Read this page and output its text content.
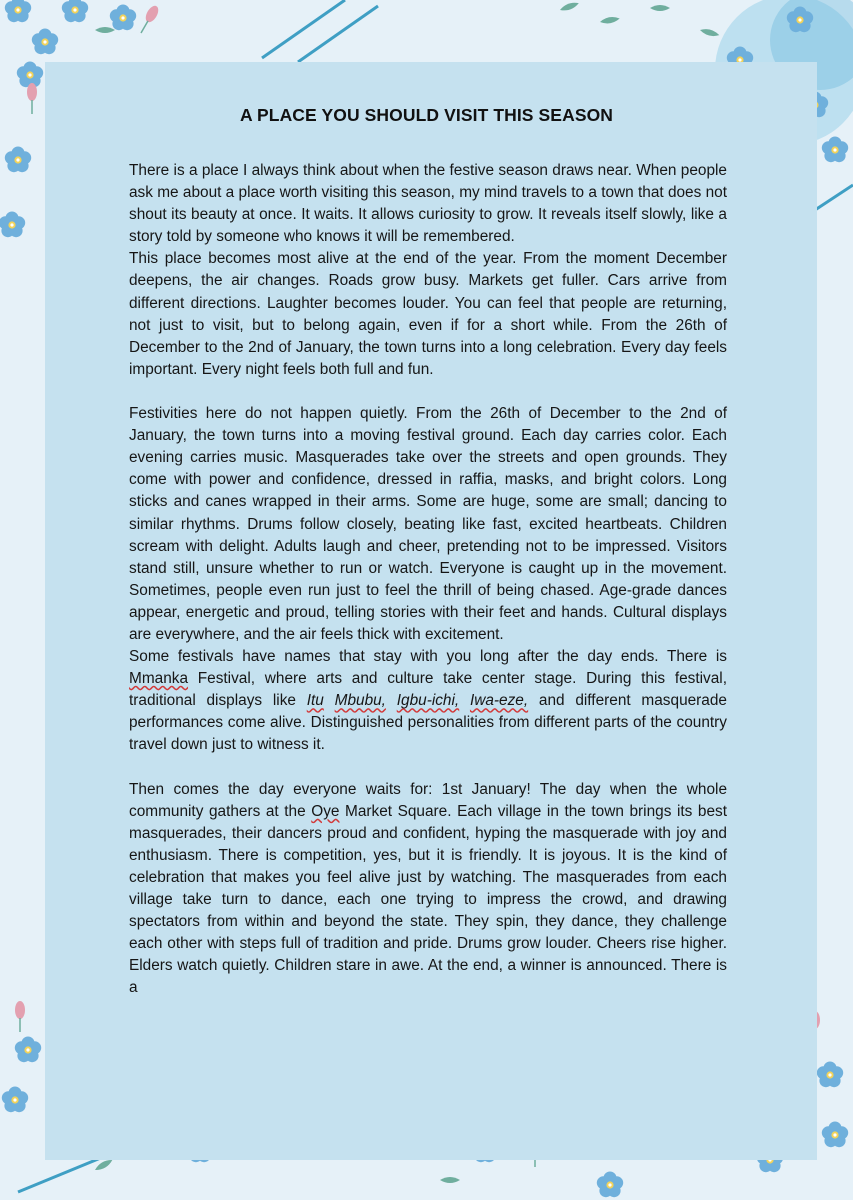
A PLACE YOU SHOULD VISIT THIS SEASON

There is a place I always think about when the festive season draws near. When people ask me about a place worth visiting this season, my mind travels to a town that does not shout its beauty at once. It waits. It allows curiosity to grow. It reveals itself slowly, like a story told by someone who knows it will be remembered.

This place becomes most alive at the end of the year. From the moment December deepens, the air changes. Roads grow busy. Markets get fuller. Cars arrive from different directions. Laughter becomes louder. You can feel that people are returning, not just to visit, but to belong again, even if for a short while. From the 26th of December to the 2nd of January, the town turns into a long celebration. Every day feels important. Every night feels both full and fun.

Festivities here do not happen quietly. From the 26th of December to the 2nd of January, the town turns into a moving festival ground. Each day carries color. Each evening carries music. Masquerades take over the streets and open grounds. They come with power and confidence, dressed in raffia, masks, and bright colors. Long sticks and canes wrapped in their arms. Some are huge, some are small; dancing to similar rhythms. Drums follow closely, beating like fast, excited heartbeats. Children scream with delight. Adults laugh and cheer, pretending not to be impressed. Visitors stand still, unsure whether to run or watch. Everyone is caught up in the movement. Sometimes, people even run just to feel the thrill of being chased. Age-grade dances appear, energetic and proud, telling stories with their feet and hands. Cultural displays are everywhere, and the air feels thick with excitement.

Some festivals have names that stay with you long after the day ends. There is Mmanka Festival, where arts and culture take center stage. During this festival, traditional displays like Itu Mbubu, Igbu-ichi, Iwa-eze, and different masquerade performances come alive. Distinguished personalities from different parts of the country travel down just to witness it.

Then comes the day everyone waits for: 1st January! The day when the whole community gathers at the Oye Market Square. Each village in the town brings its best masquerades, their dancers proud and confident, hyping the masquerade with joy and enthusiasm. There is competition, yes, but it is friendly. It is joyous. It is the kind of celebration that makes you feel alive just by watching. The masquerades from each village take turn to dance, each one trying to impress the crowd, and drawing spectators from within and beyond the state. They spin, they dance, they challenge each other with steps full of tradition and pride. Drums grow louder. Cheers rise higher. Elders watch quietly. Children stare in awe. At the end, a winner is announced. There is a
